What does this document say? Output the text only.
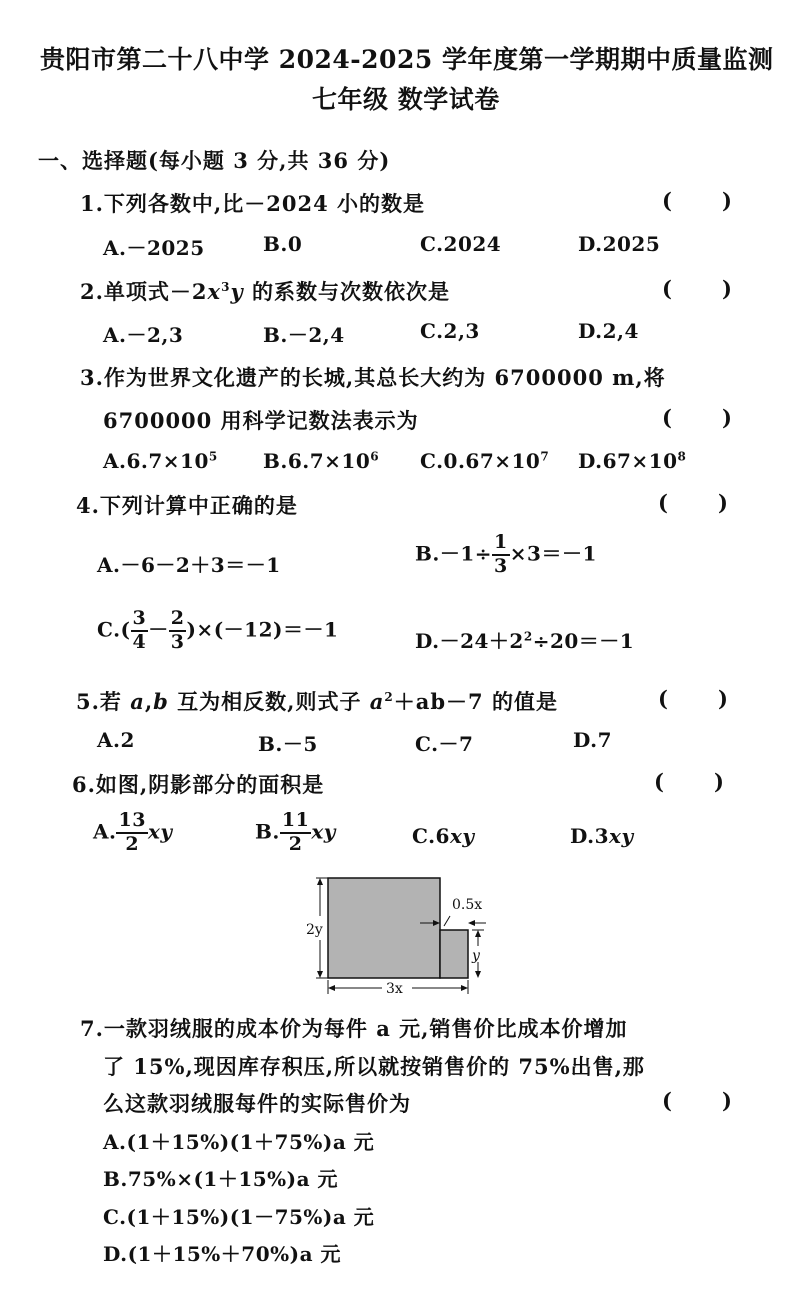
贵阳市第二十八中学 2024-2025 学年度第一学期期中质量监测
七年级 数学试卷
一、选择题(每小题 3 分,共 36 分)
1.下列各数中,比－2024 小的数是	( )
A.－2025	B.0	C.2024	D.2025
2.单项式$-2x^3y$ 的系数与次数依次是	( )
A.－2,3	B.－2,4	C.2,3	D.2,4
3.作为世界文化遗产的长城,其总长大约为 6700000 m,将
6700000 用科学记数法表示为	( )
$A.6.7\times 10^5$ $B.6.7\times 10^6$ $C.0.67\times 10^7$ $D.67\times 10^8$
4.下列计算中正确的是	( )
A.－6－2＋3＝－1	$B.-1\div \frac{1}{3} \times 3=-1$
$C.( \frac{3}{4} - \frac{2}{3} )\times(-12)=-1$	$D.-24+2^2\div 20=-1$
5.若 a,b 互为相反数,则式子 $a^2+ab-7$ 的值是	( )
A.2	B.－5	C.－7	D.7
6.如图,阴影部分的面积是	( )
A. $\frac{13}{2}$ xy	B. $\frac{11}{2}$ xy	C.6xy	D.3xy
2y
0.5x
y
3x
7.一款羽绒服的成本价为每件 a 元,销售价比成本价增加
了 15%,现因库存积压,所以就按销售价的 75%出售,那
么这款羽绒服每件的实际售价为	( )
A.(1＋15%)(1＋75%)a 元
B.75%×(1＋15%)a 元
C.(1＋15%)(1－75%)a 元
D.(1＋15%＋70%)a 元
